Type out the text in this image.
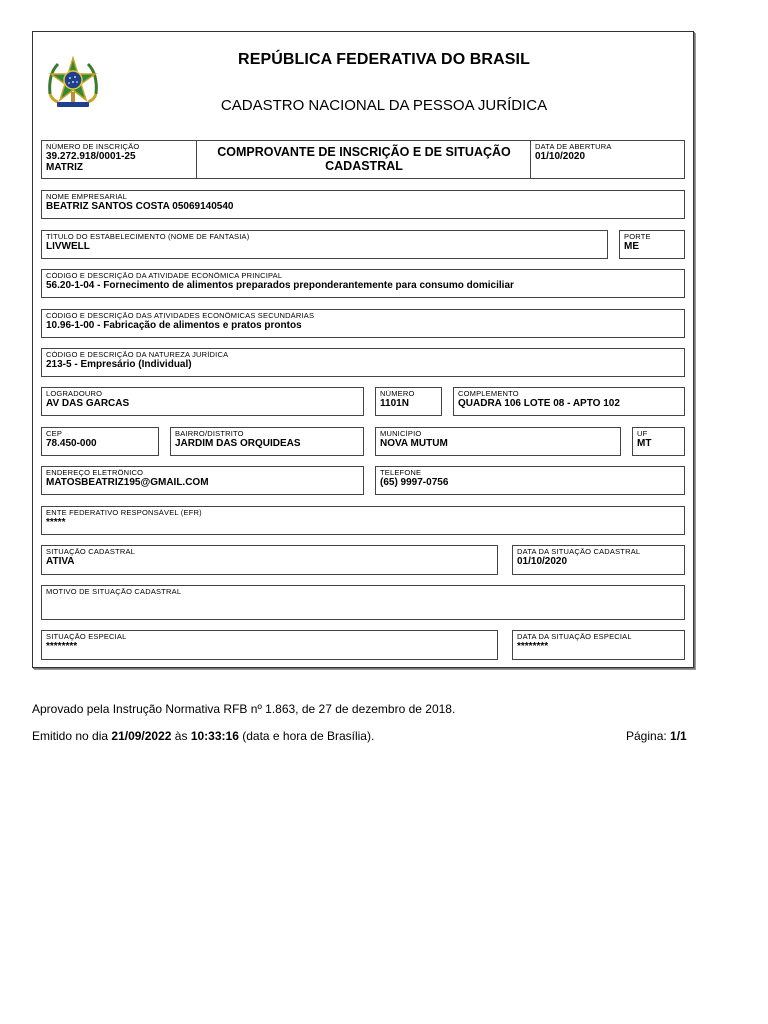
REPÚBLICA FEDERATIVA DO BRASIL
CADASTRO NACIONAL DA PESSOA JURÍDICA
NÚMERO DE INSCRIÇÃO
39.272.918/0001-25
MATRIZ
COMPROVANTE DE INSCRIÇÃO E DE SITUAÇÃO CADASTRAL
DATA DE ABERTURA
01/10/2020
NOME EMPRESARIAL
BEATRIZ SANTOS COSTA 05069140540
TÍTULO DO ESTABELECIMENTO (NOME DE FANTASIA)
LIVWELL
PORTE
ME
CÓDIGO E DESCRIÇÃO DA ATIVIDADE ECONÔMICA PRINCIPAL
56.20-1-04 - Fornecimento de alimentos preparados preponderantemente para consumo domiciliar
CÓDIGO E DESCRIÇÃO DAS ATIVIDADES ECONÔMICAS SECUNDÁRIAS
10.96-1-00 - Fabricação de alimentos e pratos prontos
CÓDIGO E DESCRIÇÃO DA NATUREZA JURÍDICA
213-5 - Empresário (Individual)
LOGRADOURO
AV DAS GARCAS
NÚMERO
1101N
COMPLEMENTO
QUADRA 106 LOTE 08 - APTO 102
CEP
78.450-000
BAIRRO/DISTRITO
JARDIM DAS ORQUIDEAS
MUNICÍPIO
NOVA MUTUM
UF
MT
ENDEREÇO ELETRÔNICO
MATOSBEATRIZ195@GMAIL.COM
TELEFONE
(65) 9997-0756
ENTE FEDERATIVO RESPONSÁVEL (EFR)
*****
SITUAÇÃO CADASTRAL
ATIVA
DATA DA SITUAÇÃO CADASTRAL
01/10/2020
MOTIVO DE SITUAÇÃO CADASTRAL
SITUAÇÃO ESPECIAL
********
DATA DA SITUAÇÃO ESPECIAL
********
Aprovado pela Instrução Normativa RFB nº 1.863, de 27 de dezembro de 2018.
Emitido no dia 21/09/2022 às 10:33:16 (data e hora de Brasília).	Página: 1/1
